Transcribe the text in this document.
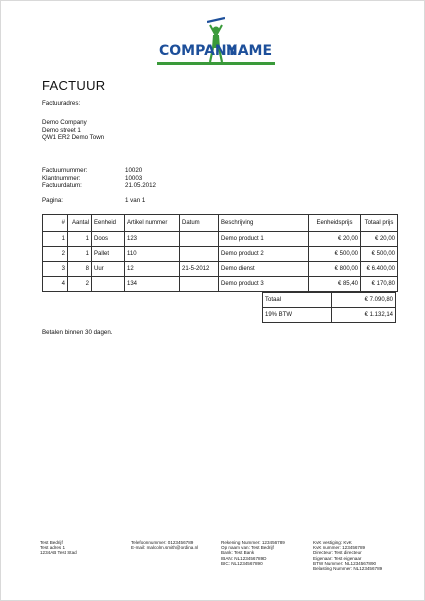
COMPANY
NAME
FACTUUR
Factuuradres:
Demo Company
Demo street 1
QW1 ER2 Demo Town
Factuurnummer:	10020
Klantnummer:	10003
Factuurdatum:	21.05.2012
Pagina:	1 van 1
#	Aantal	Eenheid	Artikel nummer	Datum	Beschrijving	Eenheidsprijs	Totaal prijs
1	1	Doos	123		Demo product 1	€ 20,00	€ 20,00
2	1	Pallet	110		Demo product 2	€ 500,00	€ 500,00
3	8	Uur	12	21-5-2012	Demo dienst	€ 800,00	€ 6.400,00
4	2		134		Demo product 3	€ 85,40	€ 170,80
Totaal	€ 7.090,80
19% BTW	€ 1.132,14
Betalen binnen 30 dagen.
Test Bedrijf
Test adres 1
1234AB Test Stad
Telefoonnummer: 0123456789
E-mail: malcolm.smith@ordina.nl
Rekening Nummer: 123456789
Op naam van: Test Bedrijf
Bank: Test Bank
IBAN: NL123456789D
BIC: NL1234567890
KvK vestiging: KvK
KvK nummer: 123456789
Directeur: Test directeur
Eigenaar: Test eigenaar
BTW Nummer: NL1234567890
Belasting Nummer: NL123456789
